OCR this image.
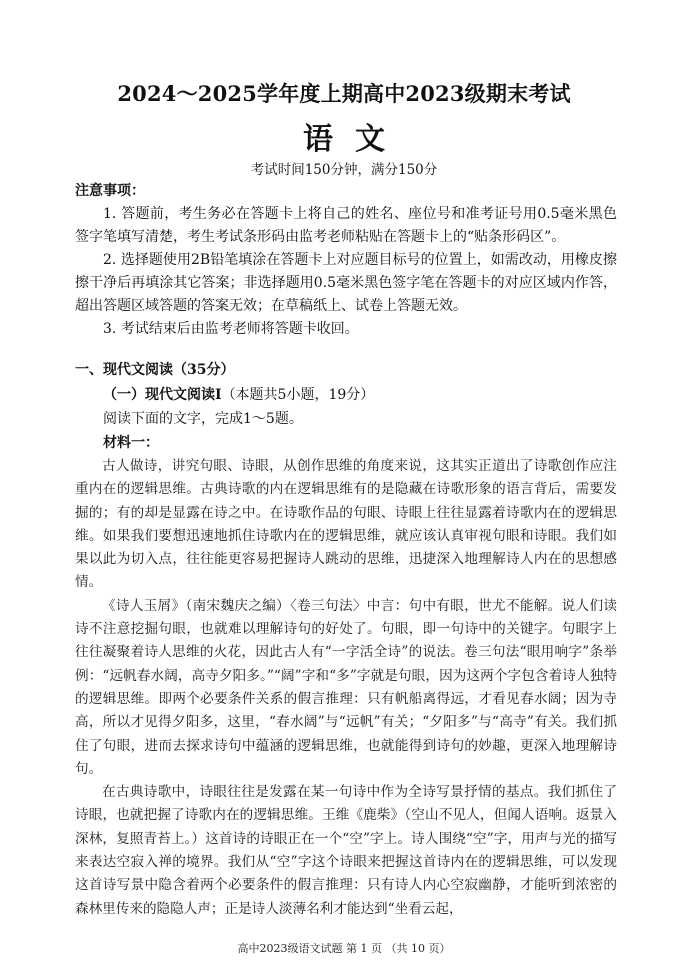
2024～2025学年度上期高中2023级期末考试
语文
考试时间150分钟，满分150分
注意事项：

1. 答题前，考生务必在答题卡上将自己的姓名、座位号和准考证号用0.5毫米黑色签字笔填写清楚，考生考试条形码由监考老师粘贴在答题卡上的“贴条形码区”。

2. 选择题使用2B铅笔填涂在答题卡上对应题目标号的位置上，如需改动，用橡皮擦擦干净后再填涂其它答案；非选择题用0.5毫米黑色签字笔在答题卡的对应区域内作答，超出答题区域答题的答案无效；在草稿纸上、试卷上答题无效。

3. 考试结束后由监考老师将答题卡收回。

一、现代文阅读（35分）
（一）现代文阅读Ⅰ（本题共5小题，19分）
阅读下面的文字，完成1～5题。
材料一：

古人做诗，讲究句眼、诗眼，从创作思维的角度来说，这其实正道出了诗歌创作应注重内在的逻辑思维。古典诗歌的内在逻辑思维有的是隐藏在诗歌形象的语言背后，需要发掘的；有的却是显露在诗之中。在诗歌作品的句眼、诗眼上往往显露着诗歌内在的逻辑思维。如果我们要想迅速地抓住诗歌内在的逻辑思维，就应该认真审视句眼和诗眼。我们如果以此为切入点，往往能更容易把握诗人跳动的思维，迅捷深入地理解诗人内在的思想感情。

《诗人玉屑》（南宋魏庆之编）〈卷三句法〉中言：句中有眼，世尤不能解。说人们读诗不注意挖掘句眼，也就难以理解诗句的好处了。句眼，即一句诗中的关键字。句眼字上往往凝聚着诗人思维的火花，因此古人有“一字活全诗”的说法。卷三句法“眼用响字”条举例：“远帆春水阔，高寺夕阳多。”“阔”字和“多”字就是句眼，因为这两个字包含着诗人独特的逻辑思维。即两个必要条件关系的假言推理：只有帆船离得远，才看见春水阔；因为寺高，所以才见得夕阳多，这里，“春水阔”与“远帆”有关；“夕阳多”与“高寺”有关。我们抓住了句眼，进而去探求诗句中蕴涵的逻辑思维，也就能得到诗句的妙趣，更深入地理解诗句。

在古典诗歌中，诗眼往往是发露在某一句诗中作为全诗写景抒情的基点。我们抓住了诗眼，也就把握了诗歌内在的逻辑思维。王维《鹿柴》（空山不见人，但闻人语响。返景入深林，复照青苔上。）这首诗的诗眼正在一个“空”字上。诗人围绕“空”字，用声与光的描写来表达空寂入禅的境界。我们从“空”字这个诗眼来把握这首诗内在的逻辑思维，可以发现这首诗写景中隐含着两个必要条件的假言推理：只有诗人内心空寂幽静，才能听到浓密的森林里传来的隐隐人声；正是诗人淡薄名利才能达到“坐看云起，

高中2023级语文试题 第 1 页 （共 10 页）
